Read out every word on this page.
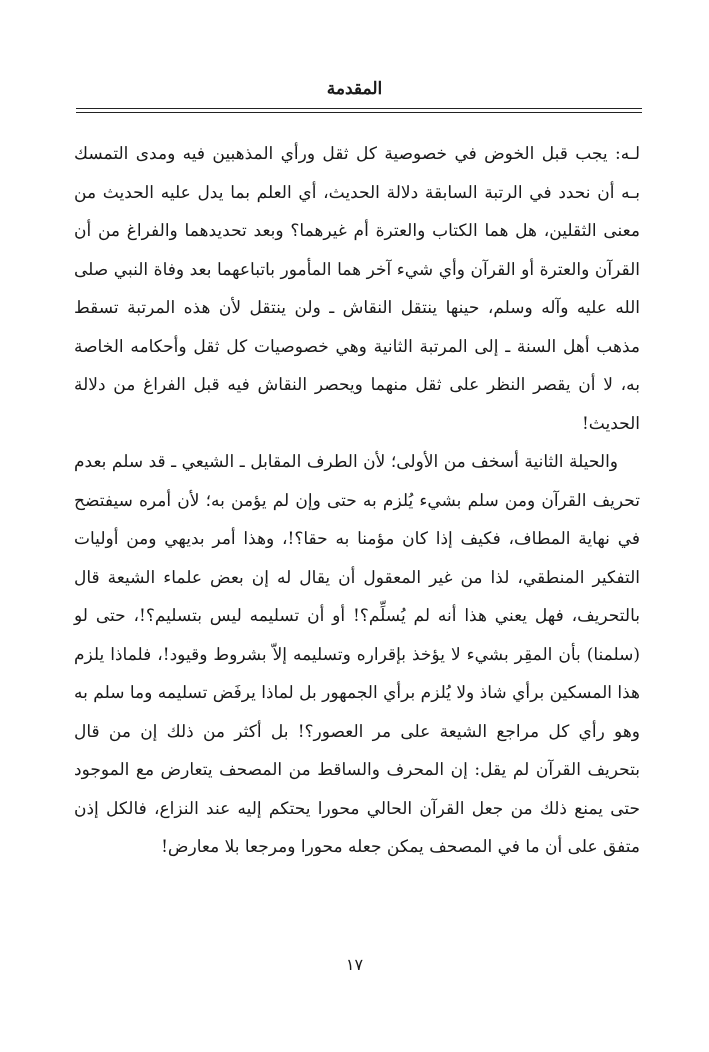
المقدمة

لـه: يجب قبل الخوض في خصوصية كل ثقل ورأي المذهبين فيه ومدى التمسك بـه أن نحدد في الرتبة السابقة دلالة الحديث، أي العلم بما يدل عليه الحديث من معنى الثقلين، هل هما الكتاب والعترة أم غيرهما؟ وبعد تحديدهما والفراغ من أن القرآن والعترة أو القرآن وأي شيء آخر هما المأمور باتباعهما بعد وفاة النبي صلى الله عليه وآله وسلم، حينها ينتقل النقاش ـ ولن ينتقل لأن هذه المرتبة تسقط مذهب أهل السنة ـ إلى المرتبة الثانية وهي خصوصيات كل ثقل وأحكامه الخاصة به، لا أن يقصر النظر على ثقل منهما ويحصر النقاش فيه قبل الفراغ من دلالة الحديث!

والحيلة الثانية أسخف من الأولى؛ لأن الطرف المقابل ـ الشيعي ـ قد سلم بعدم تحريف القرآن ومن سلم بشيء يُلزم به حتى وإن لم يؤمن به؛ لأن أمره سيفتضح في نهاية المطاف، فكيف إذا كان مؤمنا به حقا؟!، وهذا أمر بديهي ومن أوليات التفكير المنطقي، لذا من غير المعقول أن يقال له إن بعض علماء الشيعة قال بالتحريف، فهل يعني هذا أنه لم يُسلِّم؟! أو أن تسليمه ليس بتسليم؟!، حتى لو (سلمنا) بأن المقِر بشيء لا يؤخذ بإقراره وتسليمه إلاّ بشروط وقيود!، فلماذا يلزم هذا المسكين برأي شاذ ولا يُلزم برأي الجمهور بل لماذا يرفَض تسليمه وما سلم به وهو رأي كل مراجع الشيعة على مر العصور؟! بل أكثر من ذلك إن من قال بتحريف القرآن لم يقل: إن المحرف والساقط من المصحف يتعارض مع الموجود حتى يمنع ذلك من جعل القرآن الحالي محورا يحتكم إليه عند النزاع، فالكل إذن متفق على أن ما في المصحف يمكن جعله محورا ومرجعا بلا معارض!

١٧
